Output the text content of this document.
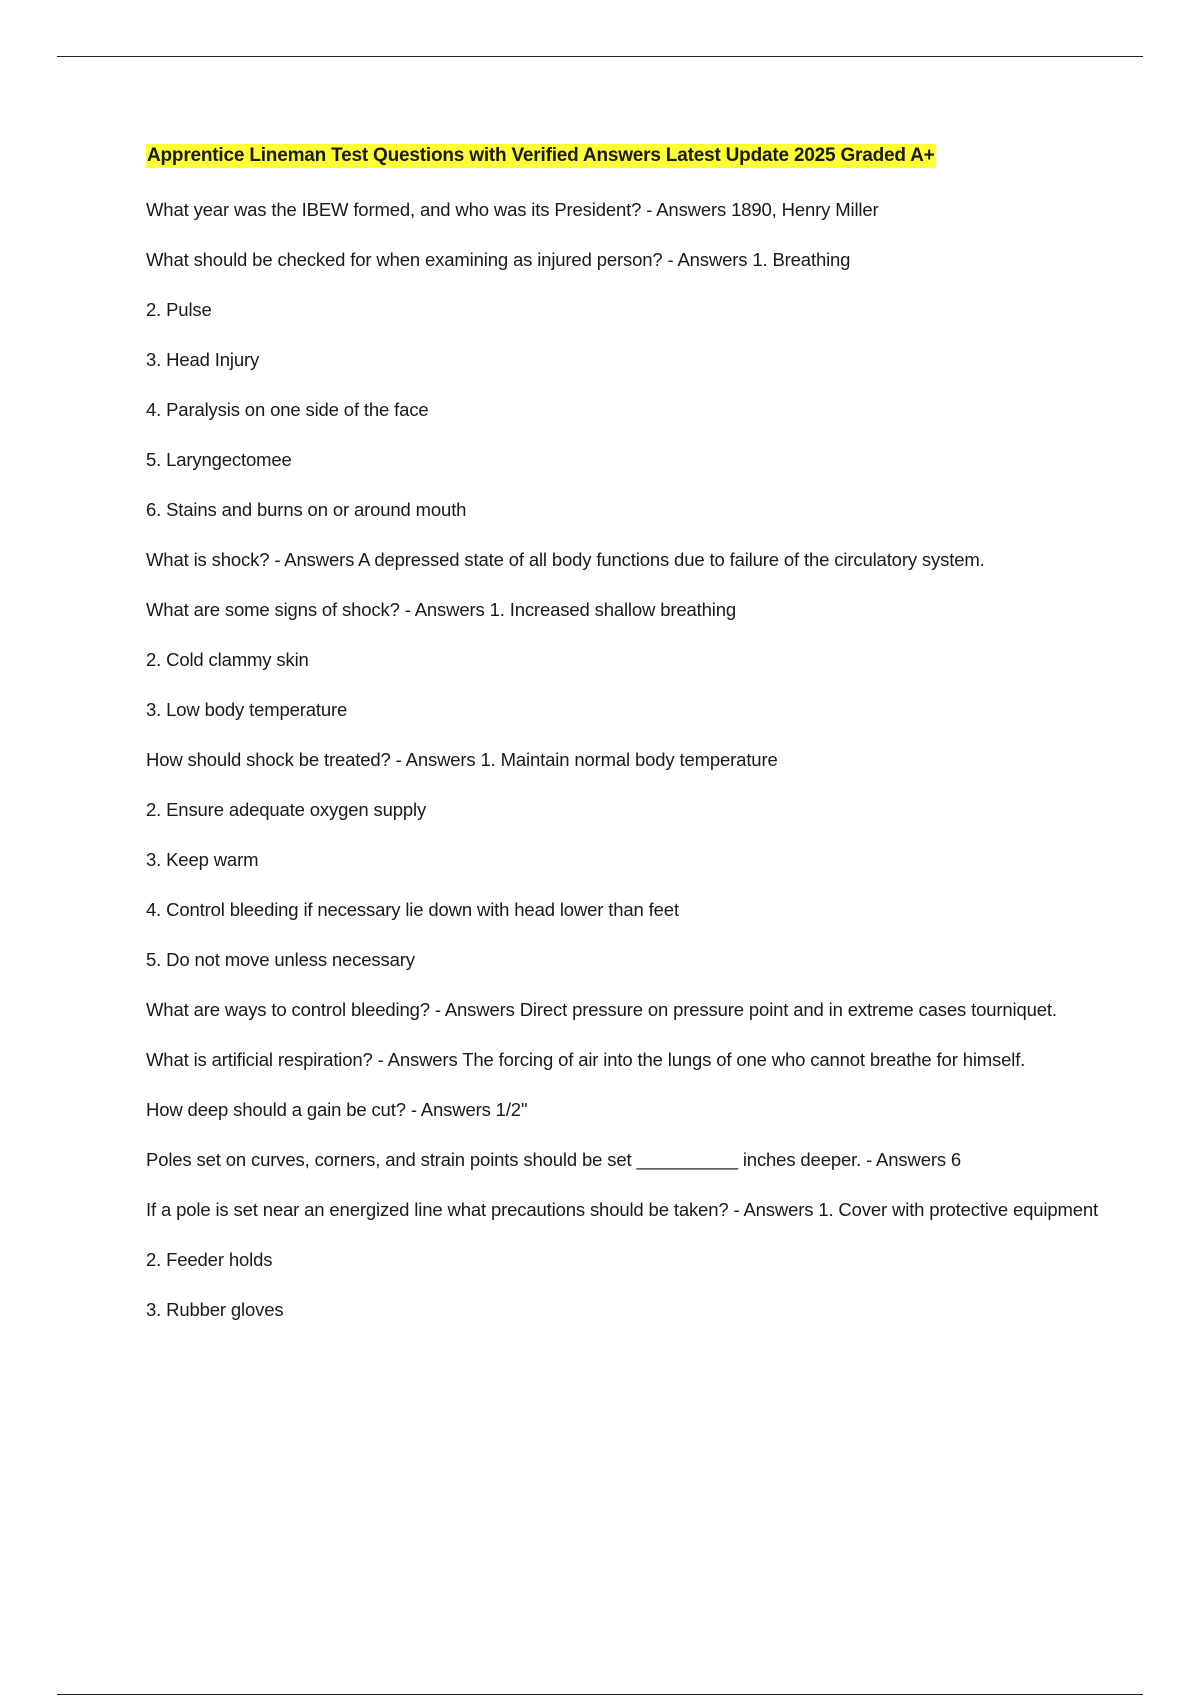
Apprentice Lineman Test Questions with Verified Answers Latest Update 2025 Graded A+

What year was the IBEW formed, and who was its President? - Answers 1890, Henry Miller

What should be checked for when examining as injured person? - Answers 1. Breathing

2. Pulse

3. Head Injury

4. Paralysis on one side of the face

5. Laryngectomee

6. Stains and burns on or around mouth

What is shock? - Answers A depressed state of all body functions due to failure of the circulatory system.

What are some signs of shock? - Answers 1. Increased shallow breathing

2. Cold clammy skin

3. Low body temperature

How should shock be treated? - Answers 1. Maintain normal body temperature

2. Ensure adequate oxygen supply

3. Keep warm

4. Control bleeding if necessary lie down with head lower than feet

5. Do not move unless necessary

What are ways to control bleeding? - Answers Direct pressure on pressure point and in extreme cases tourniquet.

What is artificial respiration? - Answers The forcing of air into the lungs of one who cannot breathe for himself.

How deep should a gain be cut? - Answers 1/2"

Poles set on curves, corners, and strain points should be set __________ inches deeper. - Answers 6

If a pole is set near an energized line what precautions should be taken? - Answers 1. Cover with protective equipment

2. Feeder holds

3. Rubber gloves
